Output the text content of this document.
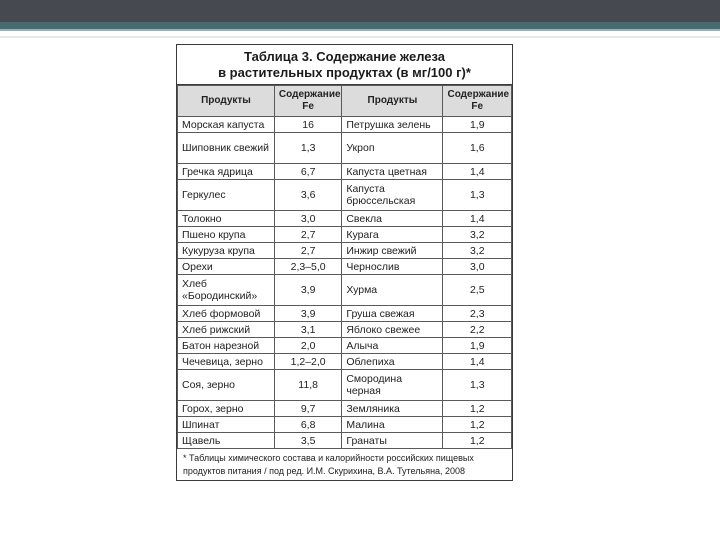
Таблица 3. Содержание железа
в растительных продуктах (в мг/100 г)*
Продукты	Содержание Fe	Продукты	Содержание Fe
Морская капуста	16	Петрушка зелень	1,9
Шиповник свежий	1,3	Укроп	1,6
Гречка ядрица	6,7	Капуста цветная	1,4
Геркулес	3,6	Капуста брюссельская	1,3
Толокно	3,0	Свекла	1,4
Пшено крупа	2,7	Курага	3,2
Кукуруза крупа	2,7	Инжир свежий	3,2
Орехи	2,3–5,0	Чернослив	3,0
Хлеб «Бородинский»	3,9	Хурма	2,5
Хлеб формовой	3,9	Груша свежая	2,3
Хлеб рижский	3,1	Яблоко свежее	2,2
Батон нарезной	2,0	Алыча	1,9
Чечевица, зерно	1,2–2,0	Облепиха	1,4
Соя, зерно	11,8	Смородина черная	1,3
Горох, зерно	9,7	Земляника	1,2
Шпинат	6,8	Малина	1,2
Щавель	3,5	Гранаты	1,2
* Таблицы химического состава и калорийности российских пищевых продуктов питания / под ред. И.М. Скурихина, В.А. Тутельяна, 2008
